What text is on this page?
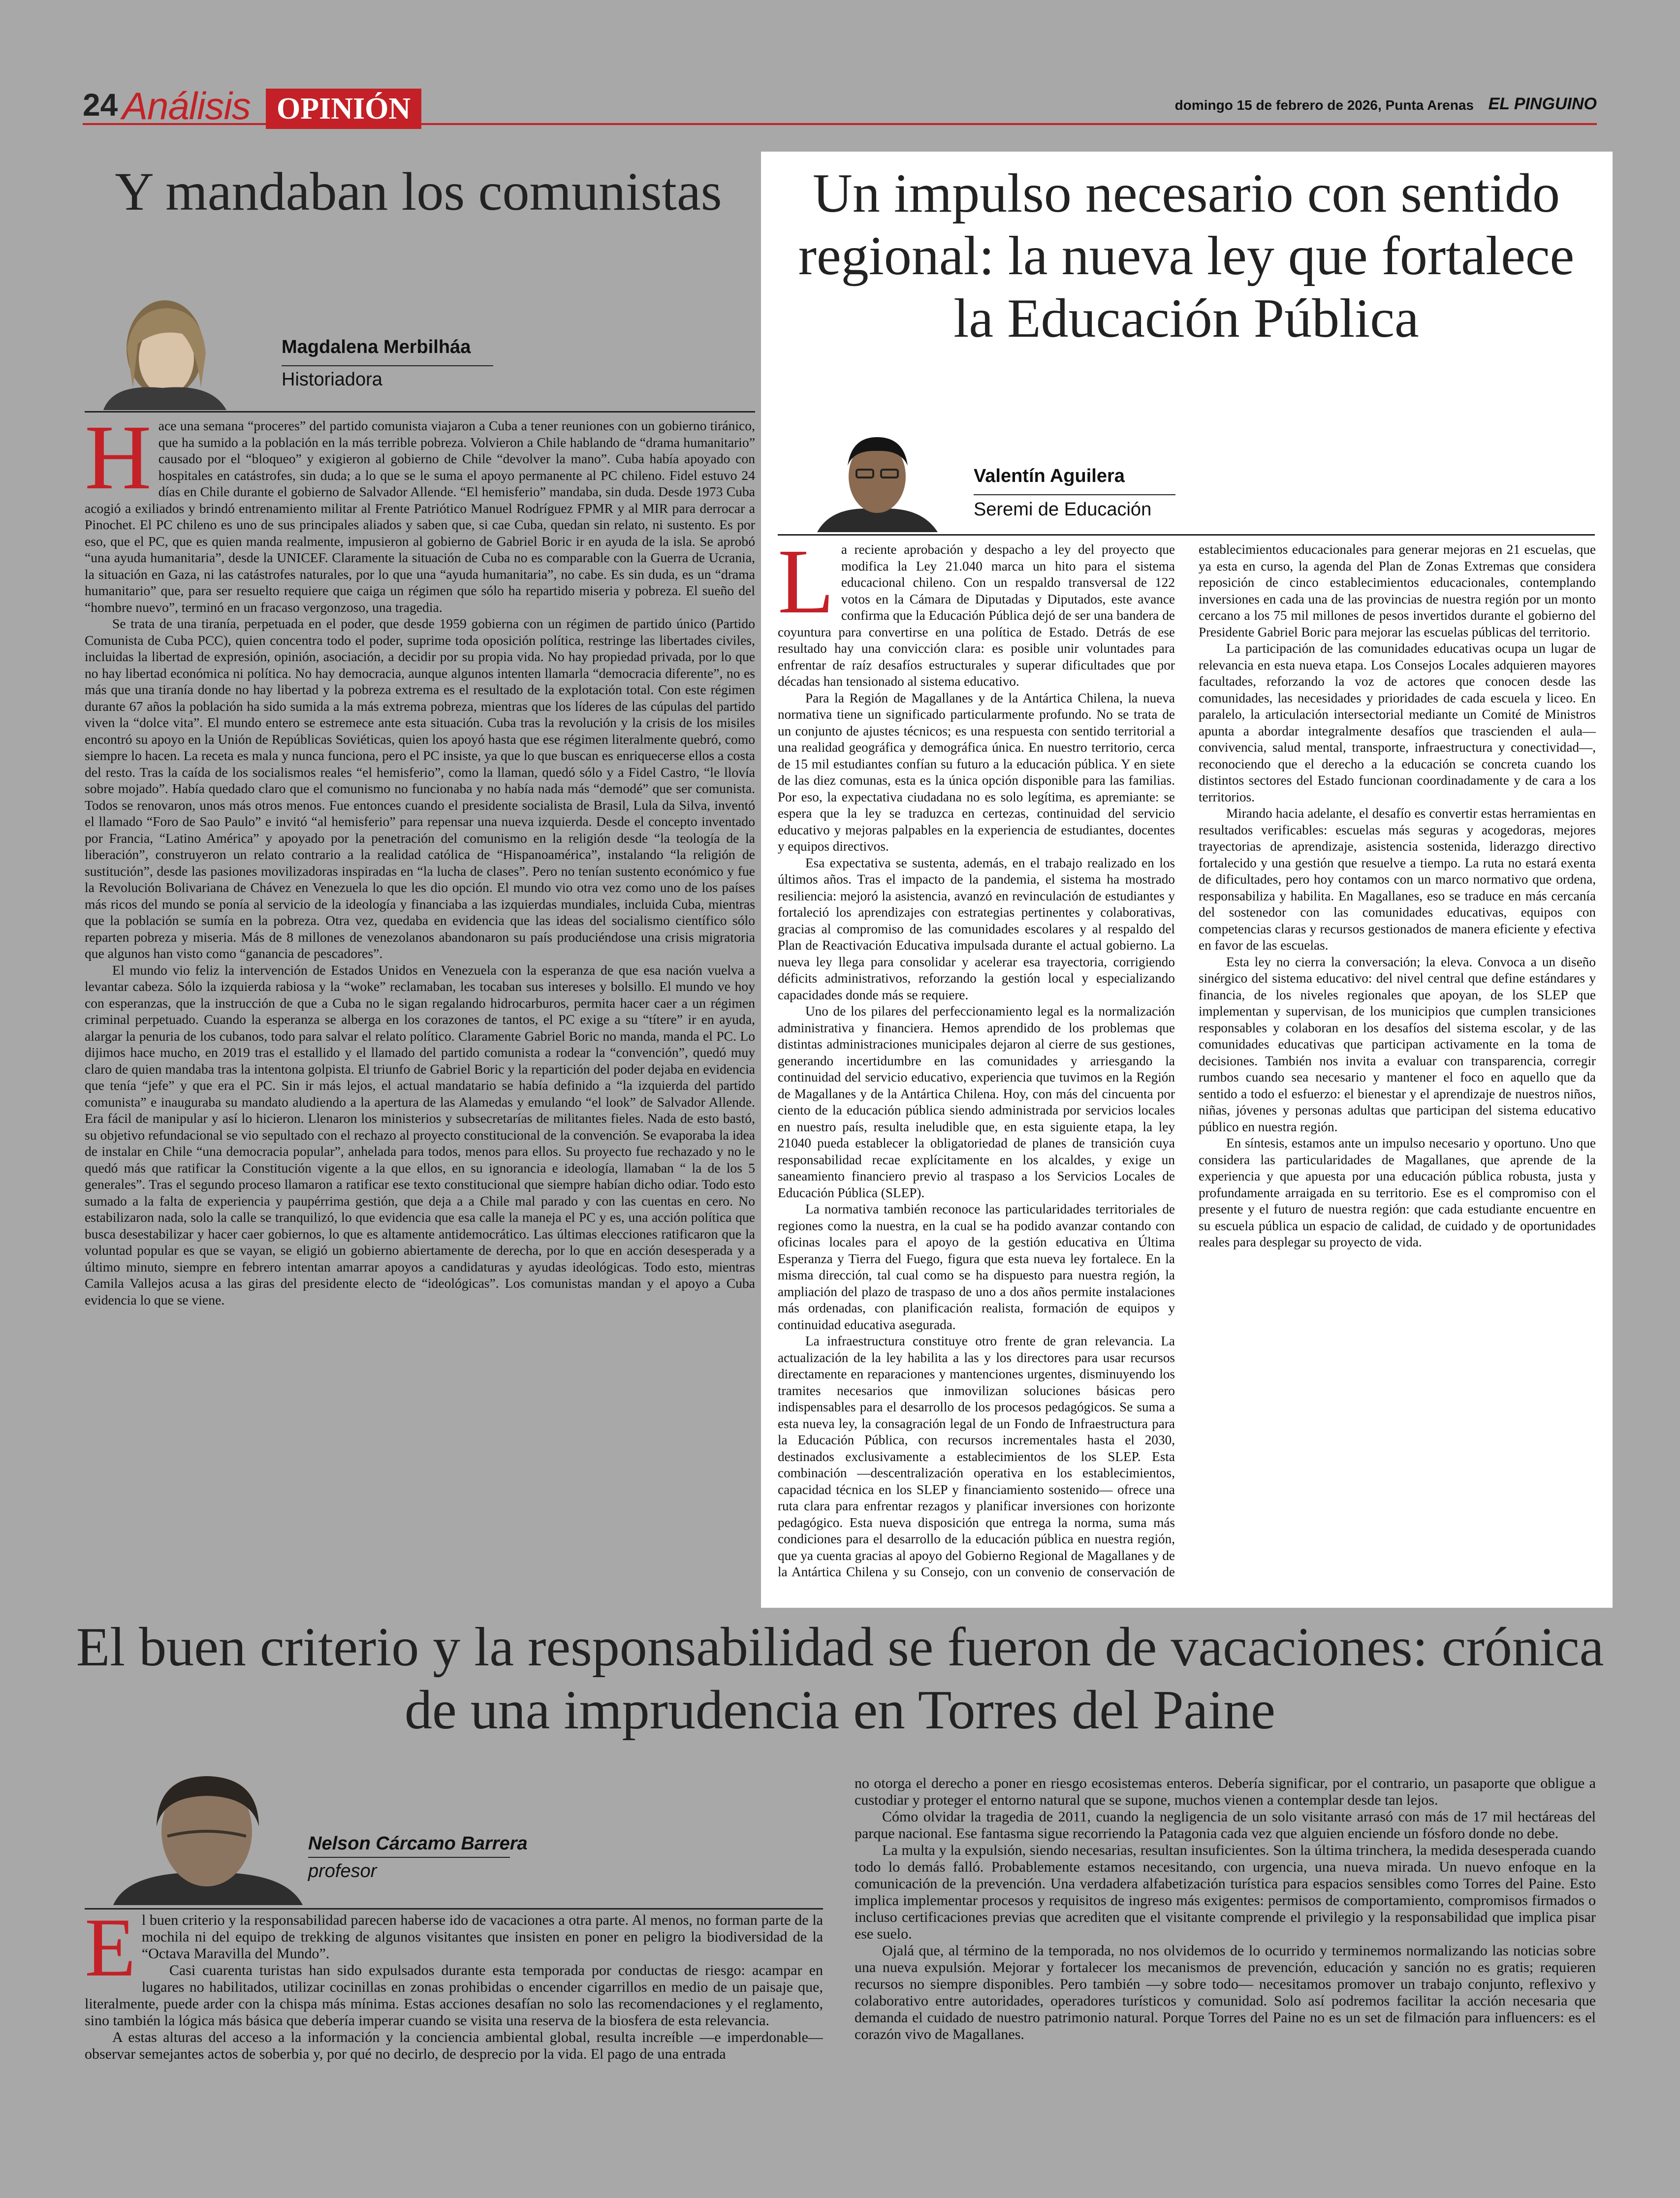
24 Análisis OPINIÓN	domingo 15 de febrero de 2026, Punta Arenas EL PINGUINO
Y mandaban los comunistas
Magdalena Merbilháa
Historiadora

Hace una semana “proceres” del partido comunista viajaron a Cuba a tener reuniones con un gobierno tiránico, que ha sumido a la población en la más terrible pobreza. Volvieron a Chile hablando de “drama humanitario” causado por el “bloqueo” y exigieron al gobierno de Chile “devolver la mano”. Cuba había apoyado con hospitales en catástrofes, sin duda; a lo que se le suma el apoyo permanente al PC chileno. Fidel estuvo 24 días en Chile durante el gobierno de Salvador Allende. “El hemisferio” mandaba, sin duda. Desde 1973 Cuba acogió a exiliados y brindó entrenamiento militar al Frente Patriótico Manuel Rodríguez FPMR y al MIR para derrocar a Pinochet. El PC chileno es uno de sus principales aliados y saben que, si cae Cuba, quedan sin relato, ni sustento. Es por eso, que el PC, que es quien manda realmente, impusieron al gobierno de Gabriel Boric ir en ayuda de la isla. Se aprobó “una ayuda humanitaria”, desde la UNICEF. Claramente la situación de Cuba no es comparable con la Guerra de Ucrania, la situación en Gaza, ni las catástrofes naturales, por lo que una “ayuda humanitaria”, no cabe. Es sin duda, es un “drama humanitario” que, para ser resuelto requiere que caiga un régimen que sólo ha repartido miseria y pobreza. El sueño del “hombre nuevo”, terminó en un fracaso vergonzoso, una tragedia.

Se trata de una tiranía, perpetuada en el poder, que desde 1959 gobierna con un régimen de partido único (Partido Comunista de Cuba PCC), quien concentra todo el poder, suprime toda oposición política, restringe las libertades civiles, incluidas la libertad de expresión, opinión, asociación, a decidir por su propia vida. No hay propiedad privada, por lo que no hay libertad económica ni política. No hay democracia, aunque algunos intenten llamarla “democracia diferente”, no es más que una tiranía donde no hay libertad y la pobreza extrema es el resultado de la explotación total. Con este régimen durante 67 años la población ha sido sumida a la más extrema pobreza, mientras que los líderes de las cúpulas del partido viven la “dolce vita”. El mundo entero se estremece ante esta situación. Cuba tras la revolución y la crisis de los misiles encontró su apoyo en la Unión de Repúblicas Soviéticas, quien los apoyó hasta que ese régimen literalmente quebró, como siempre lo hacen. La receta es mala y nunca funciona, pero el PC insiste, ya que lo que buscan es enriquecerse ellos a costa del resto. Tras la caída de los socialismos reales “el hemisferio”, como la llaman, quedó sólo y a Fidel Castro, “le llovía sobre mojado”. Había quedado claro que el comunismo no funcionaba y no había nada más “demodé” que ser comunista. Todos se renovaron, unos más otros menos. Fue entonces cuando el presidente socialista de Brasil, Lula da Silva, inventó el llamado “Foro de Sao Paulo” e invitó “al hemisferio” para repensar una nueva izquierda. Desde el concepto inventado por Francia, “Latino América” y apoyado por la penetración del comunismo en la religión desde “la teología de la liberación”, construyeron un relato contrario a la realidad católica de “Hispanoamérica”, instalando “la religión de sustitución”, desde las pasiones movilizadoras inspiradas en “la lucha de clases”. Pero no tenían sustento económico y fue la Revolución Bolivariana de Chávez en Venezuela lo que les dio opción. El mundo vio otra vez como uno de los países más ricos del mundo se ponía al servicio de la ideología y financiaba a las izquierdas mundiales, incluida Cuba, mientras que la población se sumía en la pobreza. Otra vez, quedaba en evidencia que las ideas del socialismo científico sólo reparten pobreza y miseria. Más de 8 millones de venezolanos abandonaron su país produciéndose una crisis migratoria que algunos han visto como “ganancia de pescadores”.

El mundo vio feliz la intervención de Estados Unidos en Venezuela con la esperanza de que esa nación vuelva a levantar cabeza. Sólo la izquierda rabiosa y la “woke” reclamaban, les tocaban sus intereses y bolsillo. El mundo ve hoy con esperanzas, que la instrucción de que a Cuba no le sigan regalando hidrocarburos, permita hacer caer a un régimen criminal perpetuado. Cuando la esperanza se alberga en los corazones de tantos, el PC exige a su “títere” ir en ayuda, alargar la penuria de los cubanos, todo para salvar el relato político. Claramente Gabriel Boric no manda, manda el PC. Lo dijimos hace mucho, en 2019 tras el estallido y el llamado del partido comunista a rodear la “convención”, quedó muy claro de quien mandaba tras la intentona golpista. El triunfo de Gabriel Boric y la repartición del poder dejaba en evidencia que tenía “jefe” y que era el PC. Sin ir más lejos, el actual mandatario se había definido a “la izquierda del partido comunista” e inauguraba su mandato aludiendo a la apertura de las Alamedas y emulando “el look” de Salvador Allende. Era fácil de manipular y así lo hicieron. Llenaron los ministerios y subsecretarías de militantes fieles. Nada de esto bastó, su objetivo refundacional se vio sepultado con el rechazo al proyecto constitucional de la convención. Se evaporaba la idea de instalar en Chile “una democracia popular”, anhelada para todos, menos para ellos. Su proyecto fue rechazado y no le quedó más que ratificar la Constitución vigente a la que ellos, en su ignorancia e ideología, llamaban “ la de los 5 generales”. Tras el segundo proceso llamaron a ratificar ese texto constitucional que siempre habían dicho odiar. Todo esto sumado a la falta de experiencia y paupérrima gestión, que deja a a Chile mal parado y con las cuentas en cero. No estabilizaron nada, solo la calle se tranquilizó, lo que evidencia que esa calle la maneja el PC y es, una acción política que busca desestabilizar y hacer caer gobiernos, lo que es altamente antidemocrático. Las últimas elecciones ratificaron que la voluntad popular es que se vayan, se eligió un gobierno abiertamente de derecha, por lo que en acción desesperada y a último minuto, siempre en febrero intentan amarrar apoyos a candidaturas y ayudas ideológicas. Todo esto, mientras Camila Vallejos acusa a las giras del presidente electo de “ideológicas”. Los comunistas mandan y el apoyo a Cuba evidencia lo que se viene.

Un impulso necesario con sentido regional: la nueva ley que fortalece la Educación Pública
Valentín Aguilera
Seremi de Educación

La reciente aprobación y despacho a ley del proyecto que modifica la Ley 21.040 marca un hito para el sistema educacional chileno. Con un respaldo transversal de 122 votos en la Cámara de Diputadas y Diputados, este avance confirma que la Educación Pública dejó de ser una bandera de coyuntura para convertirse en una política de Estado. Detrás de ese resultado hay una convicción clara: es posible unir voluntades para enfrentar de raíz desafíos estructurales y superar dificultades que por décadas han tensionado al sistema educativo.

Para la Región de Magallanes y de la Antártica Chilena, la nueva normativa tiene un significado particularmente profundo. No se trata de un conjunto de ajustes técnicos; es una respuesta con sentido territorial a una realidad geográfica y demográfica única. En nuestro territorio, cerca de 15 mil estudiantes confían su futuro a la educación pública. Y en siete de las diez comunas, esta es la única opción disponible para las familias. Por eso, la expectativa ciudadana no es solo legítima, es apremiante: se espera que la ley se traduzca en certezas, continuidad del servicio educativo y mejoras palpables en la experiencia de estudiantes, docentes y equipos directivos.

Esa expectativa se sustenta, además, en el trabajo realizado en los últimos años. Tras el impacto de la pandemia, el sistema ha mostrado resiliencia: mejoró la asistencia, avanzó en revinculación de estudiantes y fortaleció los aprendizajes con estrategias pertinentes y colaborativas, gracias al compromiso de las comunidades escolares y al respaldo del Plan de Reactivación Educativa impulsada durante el actual gobierno. La nueva ley llega para consolidar y acelerar esa trayectoria, corrigiendo déficits administrativos, reforzando la gestión local y especializando capacidades donde más se requiere.

Uno de los pilares del perfeccionamiento legal es la normalización administrativa y financiera. Hemos aprendido de los problemas que distintas administraciones municipales dejaron al cierre de sus gestiones, generando incertidumbre en las comunidades y arriesgando la continuidad del servicio educativo, experiencia que tuvimos en la Región de Magallanes y de la Antártica Chilena. Hoy, con más del cincuenta por ciento de la educación pública siendo administrada por servicios locales en nuestro país, resulta ineludible que, en esta siguiente etapa, la ley 21040 pueda establecer la obligatoriedad de planes de transición cuya responsabilidad recae explícitamente en los alcaldes, y exige un saneamiento financiero previo al traspaso a los Servicios Locales de Educación Pública (SLEP).

La normativa también reconoce las particularidades territoriales de regiones como la nuestra, en la cual se ha podido avanzar contando con oficinas locales para el apoyo de la gestión educativa en Última Esperanza y Tierra del Fuego, figura que esta nueva ley fortalece. En la misma dirección, tal cual como se ha dispuesto para nuestra región, la ampliación del plazo de traspaso de uno a dos años permite instalaciones más ordenadas, con planificación realista, formación de equipos y continuidad educativa asegurada.

La infraestructura constituye otro frente de gran relevancia. La actualización de la ley habilita a las y los directores para usar recursos directamente en reparaciones y mantenciones urgentes, disminuyendo los tramites necesarios que inmovilizan soluciones básicas pero indispensables para el desarrollo de los procesos pedagógicos. Se suma a esta nueva ley, la consagración legal de un Fondo de Infraestructura para la Educación Pública, con recursos incrementales hasta el 2030, destinados exclusivamente a establecimientos de los SLEP. Esta combinación —descentralización operativa en los establecimientos, capacidad técnica en los SLEP y financiamiento sostenido— ofrece una ruta clara para enfrentar rezagos y planificar inversiones con horizonte pedagógico. Esta nueva disposición que entrega la norma, suma más condiciones para el desarrollo de la educación pública en nuestra región, que ya cuenta gracias al apoyo del Gobierno Regional de Magallanes y de la Antártica Chilena y su Consejo, con un convenio de conservación de establecimientos educacionales para generar mejoras en 21 escuelas, que ya esta en curso, la agenda del Plan de Zonas Extremas que considera reposición de cinco establecimientos educacionales, contemplando inversiones en cada una de las provincias de nuestra región por un monto cercano a los 75 mil millones de pesos invertidos durante el gobierno del Presidente Gabriel Boric para mejorar las escuelas públicas del territorio.

La participación de las comunidades educativas ocupa un lugar de relevancia en esta nueva etapa. Los Consejos Locales adquieren mayores facultades, reforzando la voz de actores que conocen desde las comunidades, las necesidades y prioridades de cada escuela y liceo. En paralelo, la articulación intersectorial mediante un Comité de Ministros apunta a abordar integralmente desafíos que trascienden el aula— convivencia, salud mental, transporte, infraestructura y conectividad—, reconociendo que el derecho a la educación se concreta cuando los distintos sectores del Estado funcionan coordinadamente y de cara a los territorios.

Mirando hacia adelante, el desafío es convertir estas herramientas en resultados verificables: escuelas más seguras y acogedoras, mejores trayectorias de aprendizaje, asistencia sostenida, liderazgo directivo fortalecido y una gestión que resuelve a tiempo. La ruta no estará exenta de dificultades, pero hoy contamos con un marco normativo que ordena, responsabiliza y habilita. En Magallanes, eso se traduce en más cercanía del sostenedor con las comunidades educativas, equipos con competencias claras y recursos gestionados de manera eficiente y efectiva en favor de las escuelas.

Esta ley no cierra la conversación; la eleva. Convoca a un diseño sinérgico del sistema educativo: del nivel central que define estándares y financia, de los niveles regionales que apoyan, de los SLEP que implementan y supervisan, de los municipios que cumplen transiciones responsables y colaboran en los desafíos del sistema escolar, y de las comunidades educativas que participan activamente en la toma de decisiones. También nos invita a evaluar con transparencia, corregir rumbos cuando sea necesario y mantener el foco en aquello que da sentido a todo el esfuerzo: el bienestar y el aprendizaje de nuestros niños, niñas, jóvenes y personas adultas que participan del sistema educativo público en nuestra región.

En síntesis, estamos ante un impulso necesario y oportuno. Uno que considera las particularidades de Magallanes, que aprende de la experiencia y que apuesta por una educación pública robusta, justa y profundamente arraigada en su territorio. Ese es el compromiso con el presente y el futuro de nuestra región: que cada estudiante encuentre en su escuela pública un espacio de calidad, de cuidado y de oportunidades reales para desplegar su proyecto de vida.

El buen criterio y la responsabilidad se fueron de vacaciones: crónica de una imprudencia en Torres del Paine
Nelson Cárcamo Barrera
profesor

El buen criterio y la responsabilidad parecen haberse ido de vacaciones a otra parte. Al menos, no forman parte de la mochila ni del equipo de trekking de algunos visitantes que insisten en poner en peligro la biodiversidad de la “Octava Maravilla del Mundo”.

Casi cuarenta turistas han sido expulsados durante esta temporada por conductas de riesgo: acampar en lugares no habilitados, utilizar cocinillas en zonas prohibidas o encender cigarrillos en medio de un paisaje que, literalmente, puede arder con la chispa más mínima. Estas acciones desafían no solo las recomendaciones y el reglamento, sino también la lógica más básica que debería imperar cuando se visita una reserva de la biosfera de esta relevancia.

A estas alturas del acceso a la información y la conciencia ambiental global, resulta increíble —e imperdonable— observar semejantes actos de soberbia y, por qué no decirlo, de desprecio por la vida. El pago de una entrada

no otorga el derecho a poner en riesgo ecosistemas enteros. Debería significar, por el contrario, un pasaporte que obligue a custodiar y proteger el entorno natural que se supone, muchos vienen a contemplar desde tan lejos.

Cómo olvidar la tragedia de 2011, cuando la negligencia de un solo visitante arrasó con más de 17 mil hectáreas del parque nacional. Ese fantasma sigue recorriendo la Patagonia cada vez que alguien enciende un fósforo donde no debe.

La multa y la expulsión, siendo necesarias, resultan insuficientes. Son la última trinchera, la medida desesperada cuando todo lo demás falló. Probablemente estamos necesitando, con urgencia, una nueva mirada. Un nuevo enfoque en la comunicación de la prevención. Una verdadera alfabetización turística para espacios sensibles como Torres del Paine. Esto implica implementar procesos y requisitos de ingreso más exigentes: permisos de comportamiento, compromisos firmados o incluso certificaciones previas que acrediten que el visitante comprende el privilegio y la responsabilidad que implica pisar ese suelo.

Ojalá que, al término de la temporada, no nos olvidemos de lo ocurrido y terminemos normalizando las noticias sobre una nueva expulsión. Mejorar y fortalecer los mecanismos de prevención, educación y sanción no es gratis; requieren recursos no siempre disponibles. Pero también —y sobre todo— necesitamos promover un trabajo conjunto, reflexivo y colaborativo entre autoridades, operadores turísticos y comunidad. Solo así podremos facilitar la acción necesaria que demanda el cuidado de nuestro patrimonio natural. Porque Torres del Paine no es un set de filmación para influencers: es el corazón vivo de Magallanes.
